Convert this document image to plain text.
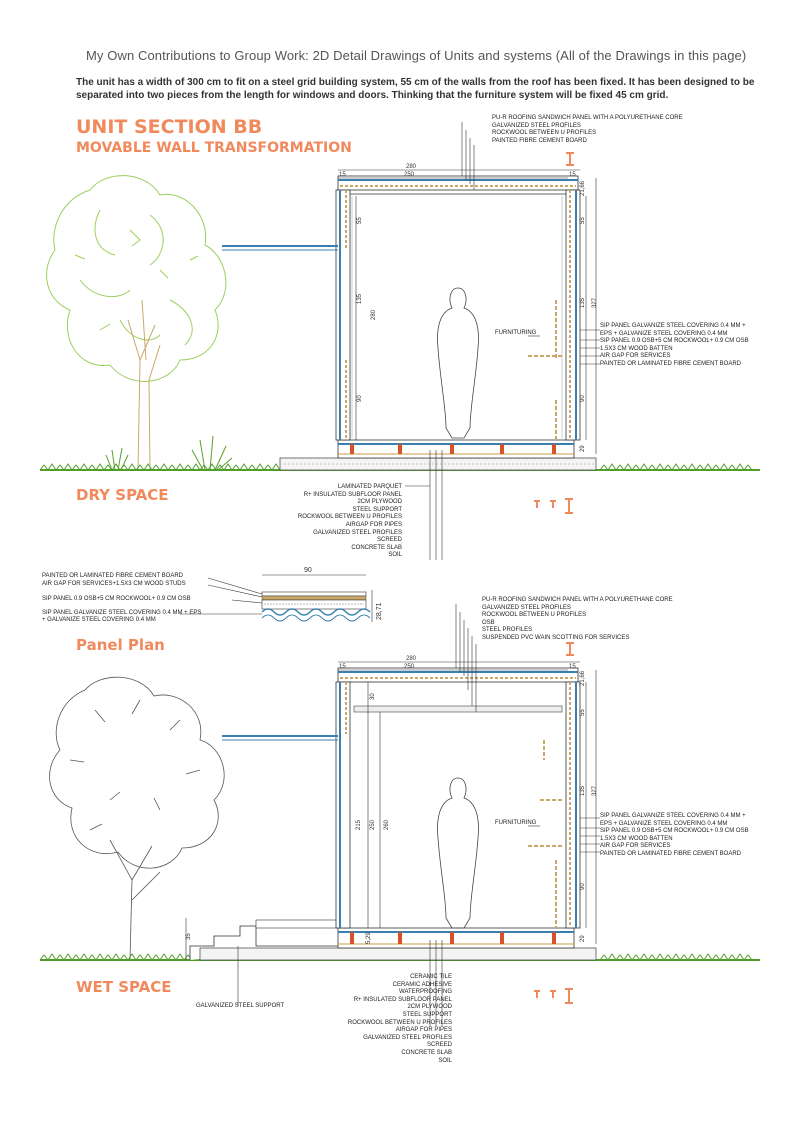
My Own Contributions to Group Work: 2D Detail Drawings of Units and systems (All of the Drawings in this page)
The unit has a width of 300 cm to fit on a steel grid building system, 55 cm of the walls from the roof has been fixed. It has been designed to be separated into two pieces from the length for windows and doors. Thinking that the furniture system will be fixed 45 cm grid.
UNIT SECTION BB
MOVABLE WALL TRANSFORMATION
DRY SPACE
Panel Plan
WET SPACE
280
250
15	15
55
135
90
280
21,66
55
135 327
90
29
PU-R ROOFING SANDWICH PANEL WITH A POLYURETHANE CORE
GALVANIZED STEEL PROFILES
ROCKWOOL BETWEEN U PROFILES
PAINTED FIBRE CEMENT BOARD
SIP PANEL GALVANIZE STEEL COVERING 0.4 MM +
EPS + GALVANIZE STEEL COVERING 0.4 MM
SIP PANEL 0.9 OSB+5 CM ROCKWOOL+ 0.9 CM OSB
1.5X3 CM WOOD BATTEN
AIR GAP FOR SERVICES
PAINTED OR LAMINATED FIBRE CEMENT BOARD
FURNITURING
LAMINATED PARQUET
R+ INSULATED SUBFLOOR PANEL
2CM PLYWOOD
STEEL SUPPORT
ROCKWOOL BETWEEN U PROFILES
AIRGAP FOR PIPES
GALVANIZED STEEL PROFILES
SCREED
CONCRETE SLAB
SOIL
PAINTED OR LAMINATED FIBRE CEMENT BOARD
AIR GAP FOR SERVICES+1.5X3 CM WOOD STUDS
SIP PANEL 0.9 OSB+5 CM ROCKWOOL+ 0.9 CM OSB
SIP PANEL GALVANIZE STEEL COVERING 0.4 MM + EPS
+ GALVANIZE STEEL COVERING 0.4 MM
90
28,71
280
250
15	15
30
215 250 260
35	5,29
21,66
55
135 327
90
29
PU-R ROOFING SANDWICH PANEL WITH A POLYURETHANE CORE
GALVANIZED STEEL PROFILES
ROCKWOOL BETWEEN U PROFILES
OSB
STEEL PROFILES
SUSPENDED PVC WAIN SCOTTING FOR SERVICES
SIP PANEL GALVANIZE STEEL COVERING 0.4 MM +
EPS + GALVANIZE STEEL COVERING 0.4 MM
SIP PANEL 0.9 OSB+5 CM ROCKWOOL+ 0.9 CM OSB
1.5X3 CM WOOD BATTEN
AIR GAP FOR SERVICES
PAINTED OR LAMINATED FIBRE CEMENT BOARD
FURNITURING
GALVANIZED STEEL SUPPORT
CERAMIC TILE
CERAMIC ADHESIVE
WATERPROOFING
R+ INSULATED SUBFLOOR PANEL
2CM PLYWOOD
STEEL SUPPORT
ROCKWOOL BETWEEN U PROFILES
AIRGAP FOR PIPES
GALVANIZED STEEL PROFILES
SCREED
CONCRETE SLAB
SOIL
